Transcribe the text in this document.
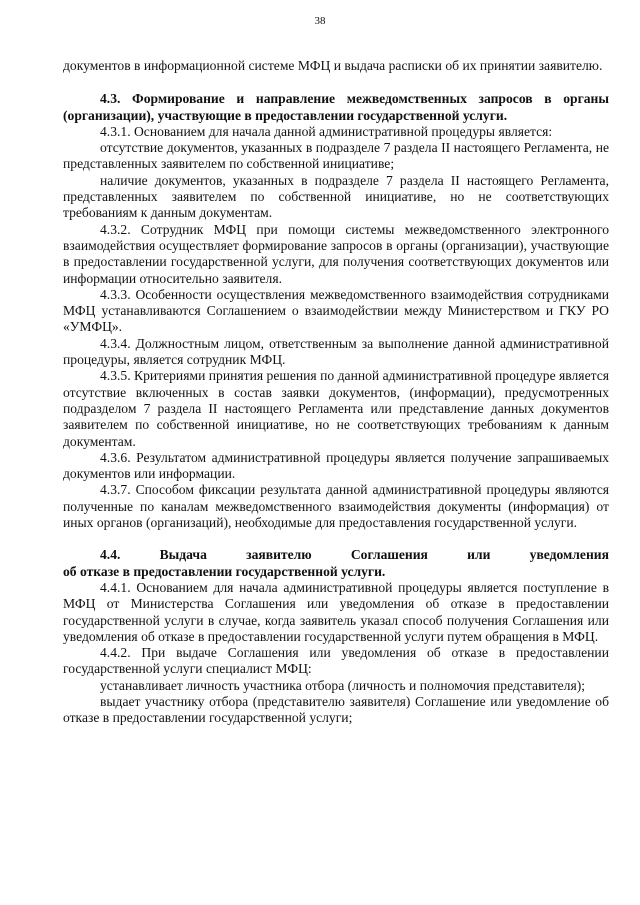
38

документов в информационной системе МФЦ и выдача расписки об их принятии заявителю.

4.3. Формирование и направление межведомственных запросов в органы (организации), участвующие в предоставлении государственной услуги.

4.3.1. Основанием для начала данной административной процедуры является:

отсутствие документов, указанных в подразделе 7 раздела II настоящего Регламента, не представленных заявителем по собственной инициативе;

наличие документов, указанных в подразделе 7 раздела II настоящего Регламента, представленных заявителем по собственной инициативе, но не соответствующих требованиям к данным документам.

4.3.2. Сотрудник МФЦ при помощи системы межведомственного электронного взаимодействия осуществляет формирование запросов в органы (организации), участвующие в предоставлении государственной услуги, для получения соответствующих документов или информации относительно заявителя.

4.3.3. Особенности осуществления межведомственного взаимодействия сотрудниками МФЦ устанавливаются Соглашением о взаимодействии между Министерством и ГКУ РО «УМФЦ».

4.3.4. Должностным лицом, ответственным за выполнение данной административной процедуры, является сотрудник МФЦ.

4.3.5. Критериями принятия решения по данной административной процедуре является отсутствие включенных в состав заявки документов, (информации), предусмотренных подразделом 7 раздела II настоящего Регламента или представление данных документов заявителем по собственной инициативе, но не соответствующих требованиям к данным документам.

4.3.6. Результатом административной процедуры является получение запрашиваемых документов или информации.

4.3.7. Способом фиксации результата данной административной процедуры являются полученные по каналам межведомственного взаимодействия документы (информация) от иных органов (организаций), необходимые для предоставления государственной услуги.

4.4.	Выдача	заявителю	Соглашения	или	уведомления
об отказе в предоставлении государственной услуги.

4.4.1. Основанием для начала административной процедуры является поступление в МФЦ от Министерства Соглашения или уведомления об отказе в предоставлении государственной услуги в случае, когда заявитель указал способ получения Соглашения или уведомления об отказе в предоставлении государственной услуги путем обращения в МФЦ.

4.4.2. При выдаче Соглашения или уведомления об отказе в предоставлении государственной услуги специалист МФЦ:

устанавливает личность участника отбора (личность и полномочия представителя);

выдает участнику отбора (представителю заявителя) Соглашение или уведомление об отказе в предоставлении государственной услуги;
